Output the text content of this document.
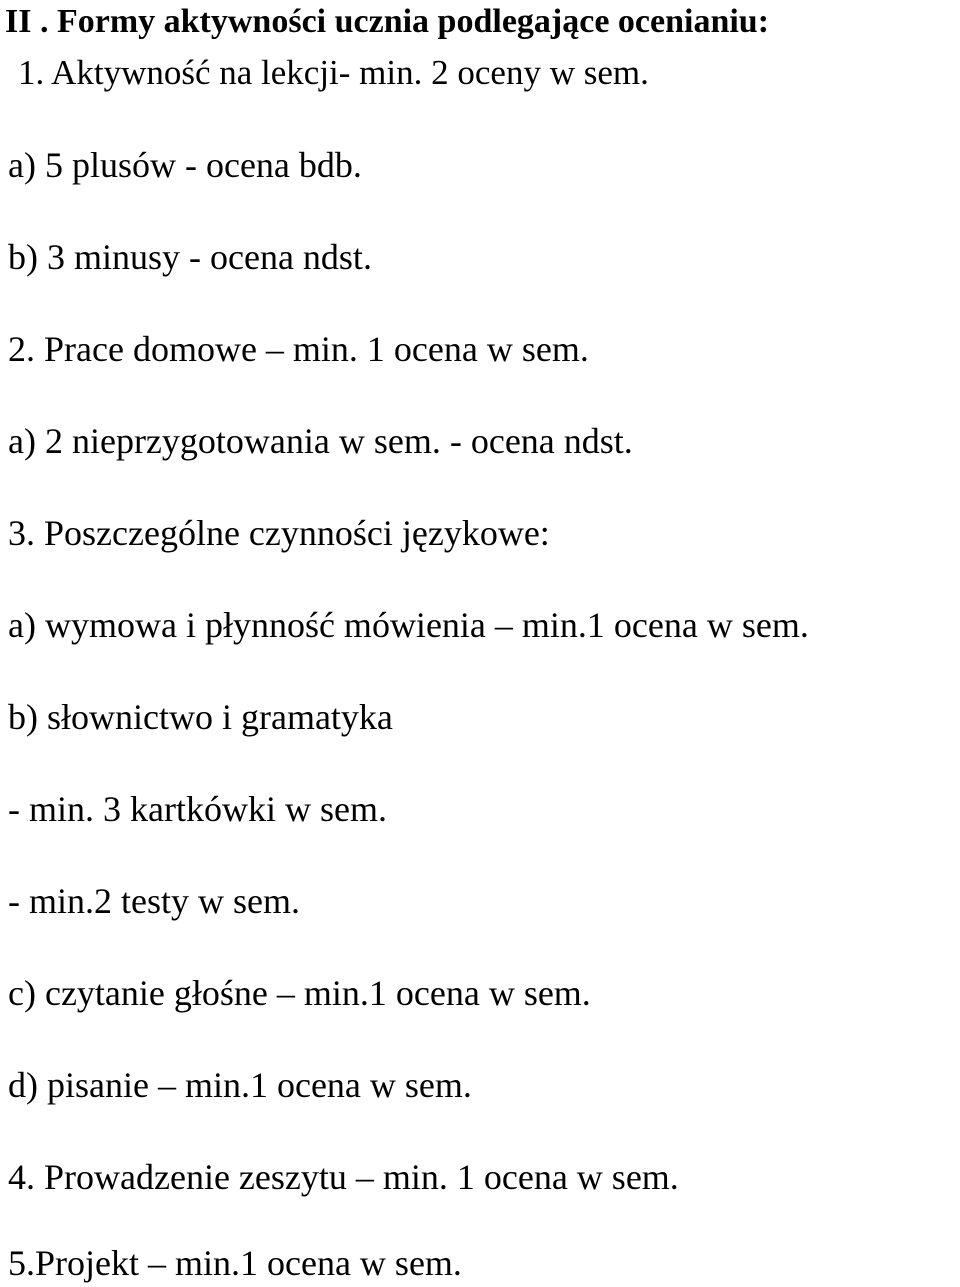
II . Formy aktywności ucznia podlegające ocenianiu:
1. Aktywność na lekcji- min. 2 oceny w sem.
a) 5 plusów - ocena bdb.
b) 3 minusy - ocena ndst.
2. Prace domowe – min. 1 ocena w sem.
a) 2 nieprzygotowania w sem. - ocena ndst.
3. Poszczególne czynności językowe:
a) wymowa i płynność mówienia – min.1 ocena w sem.
b) słownictwo i gramatyka
- min. 3 kartkówki w sem.
- min.2 testy w sem.
c) czytanie głośne – min.1 ocena w sem.
d) pisanie – min.1 ocena w sem.
4. Prowadzenie zeszytu – min. 1 ocena w sem.
5.Projekt – min.1 ocena w sem.
